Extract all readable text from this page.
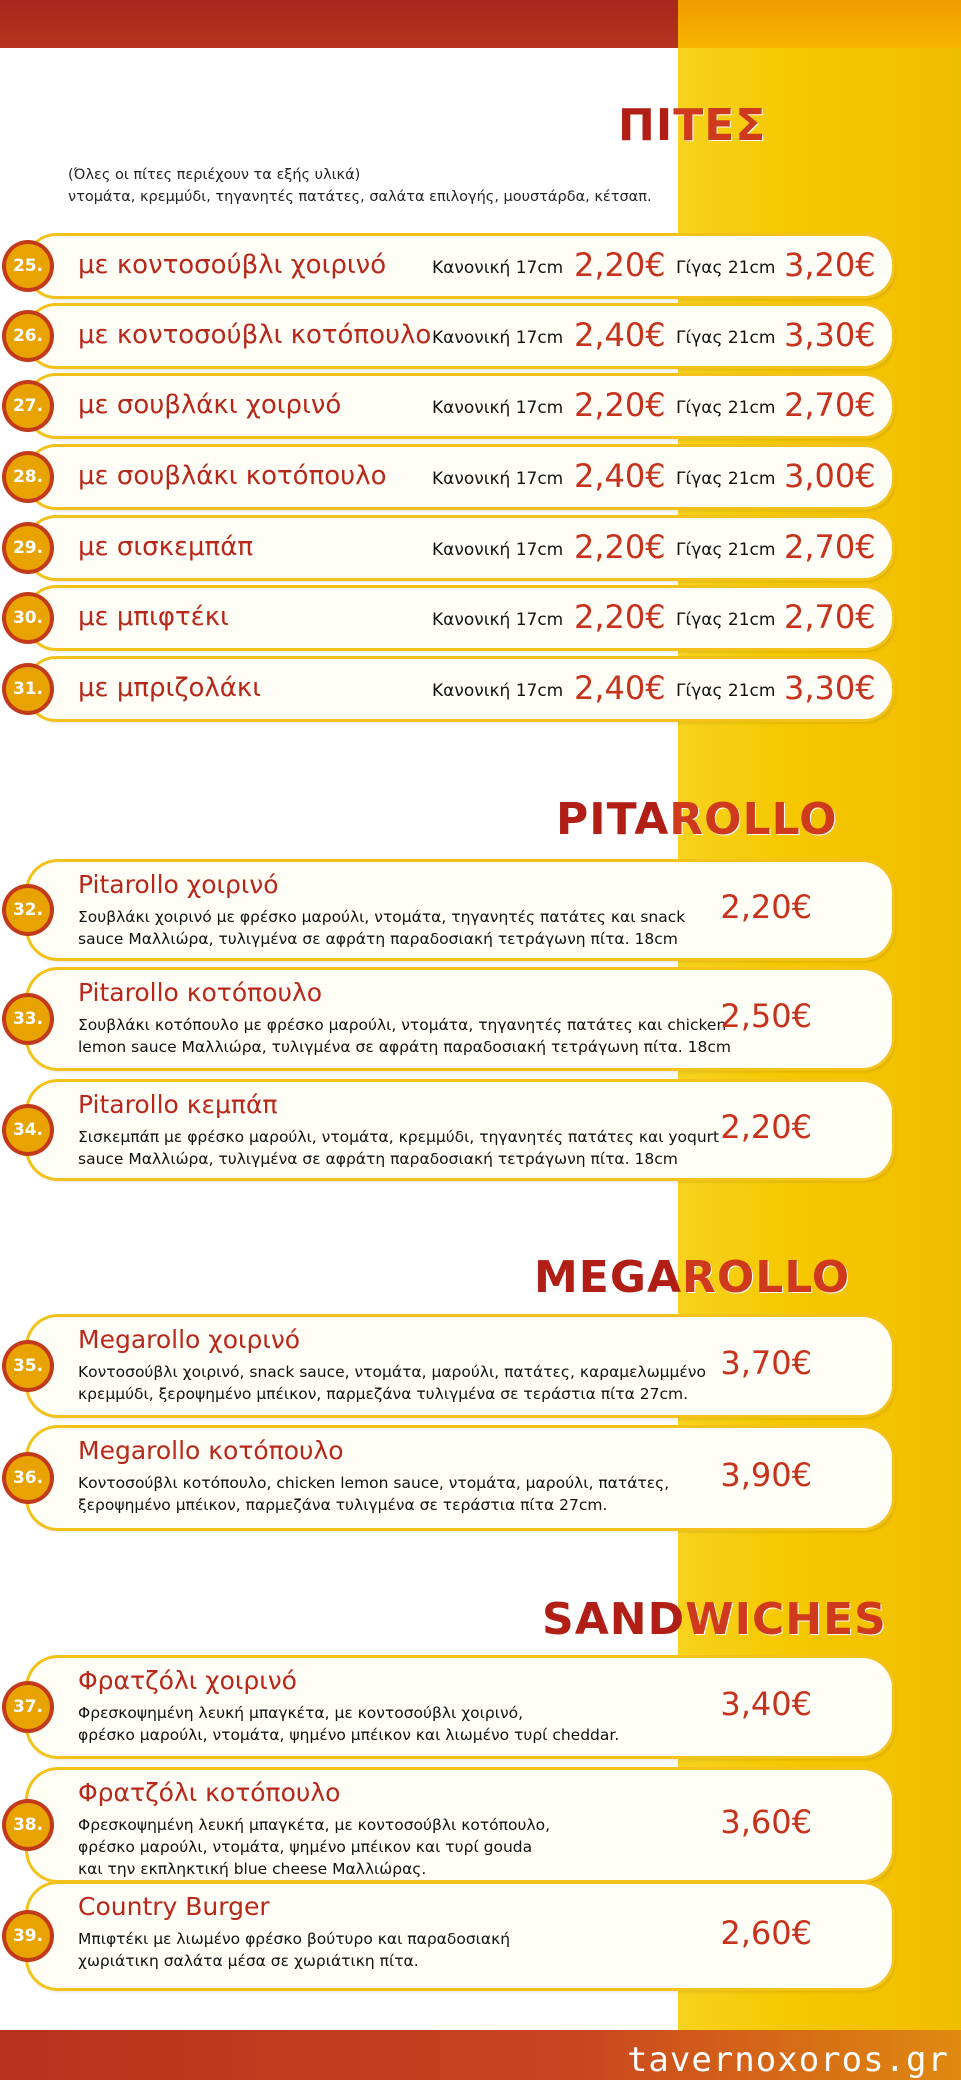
ΠΙΤΕΣ
(Όλες οι πίτες περιέχουν τα εξής υλικά)
ντομάτα, κρεμμύδι, τηγανητές πατάτες, σαλάτα επιλογής, μουστάρδα, κέτσαπ.
25. με κοντοσούβλι χοιρινό	Κανονική 17cm 2,20€ Γίγας 21cm 3,20€
26. με κοντοσούβλι κοτόπουλο Κανονική 17cm 2,40€ Γίγας 21cm 3,30€
27. με σουβλάκι χοιρινό	Κανονική 17cm 2,20€ Γίγας 21cm 2,70€
28. με σουβλάκι κοτόπουλο	Κανονική 17cm 2,40€ Γίγας 21cm 3,00€
29. με σισκεμπάπ	Κανονική 17cm 2,20€ Γίγας 21cm 2,70€
30. με μπιφτέκι	Κανονική 17cm 2,20€ Γίγας 21cm 2,70€
31. με μπριζολάκι	Κανονική 17cm 2,40€ Γίγας 21cm 3,30€
PITAROLLO
32.
Pitarollo χοιρινό
Σουβλάκι χοιρινό με φρέσκο μαρούλι, ντομάτα, τηγανητές πατάτες και snack
sauce Μαλλιώρα, τυλιγμένα σε αφράτη παραδοσιακή τετράγωνη πίτα. 18cm
2,20€
33.
Pitarollo κοτόπουλο
Σουβλάκι κοτόπουλο με φρέσκο μαρούλι, ντομάτα, τηγανητές πατάτες και chicken
lemon sauce Μαλλιώρα, τυλιγμένα σε αφράτη παραδοσιακή τετράγωνη πίτα. 18cm
2,50€
34.
Pitarollo κεμπάπ
Σισκεμπάπ με φρέσκο μαρούλι, ντομάτα, κρεμμύδι, τηγανητές πατάτες και yoqurt
sauce Μαλλιώρα, τυλιγμένα σε αφράτη παραδοσιακή τετράγωνη πίτα. 18cm
2,20€
MEGAROLLO
35.
Megarollo χοιρινό
Κοντοσούβλι χοιρινό, snack sauce, ντομάτα, μαρούλι, πατάτες, καραμελωμμένο
κρεμμύδι, ξεροψημένο μπέικον, παρμεζάνα τυλιγμένα σε τεράστια πίτα 27cm.
3,70€
36.
Megarollo κοτόπουλο
Κοντοσούβλι κοτόπουλο, chicken lemon sauce, ντομάτα, μαρούλι, πατάτες,
ξεροψημένο μπέικον, παρμεζάνα τυλιγμένα σε τεράστια πίτα 27cm.
3,90€
SANDWICHES
37.
Φρατζόλι χοιρινό
Φρεσκοψημένη λευκή μπαγκέτα, με κοντοσούβλι χοιρινό,
φρέσκο μαρούλι, ντομάτα, ψημένο μπέικον και λιωμένο τυρί cheddar.
3,40€
38.
Φρατζόλι κοτόπουλο
Φρεσκοψημένη λευκή μπαγκέτα, με κοντοσούβλι κοτόπουλο,
φρέσκο μαρούλι, ντομάτα, ψημένο μπέικον και τυρί gouda
και την εκπληκτική blue cheese Μαλλιώρας.
3,60€
39.
Country Burger
Μπιφτέκι με λιωμένο φρέσκο βούτυρο και παραδοσιακή
χωριάτικη σαλάτα μέσα σε χωριάτικη πίτα.
2,60€
tavernoxoros.gr
